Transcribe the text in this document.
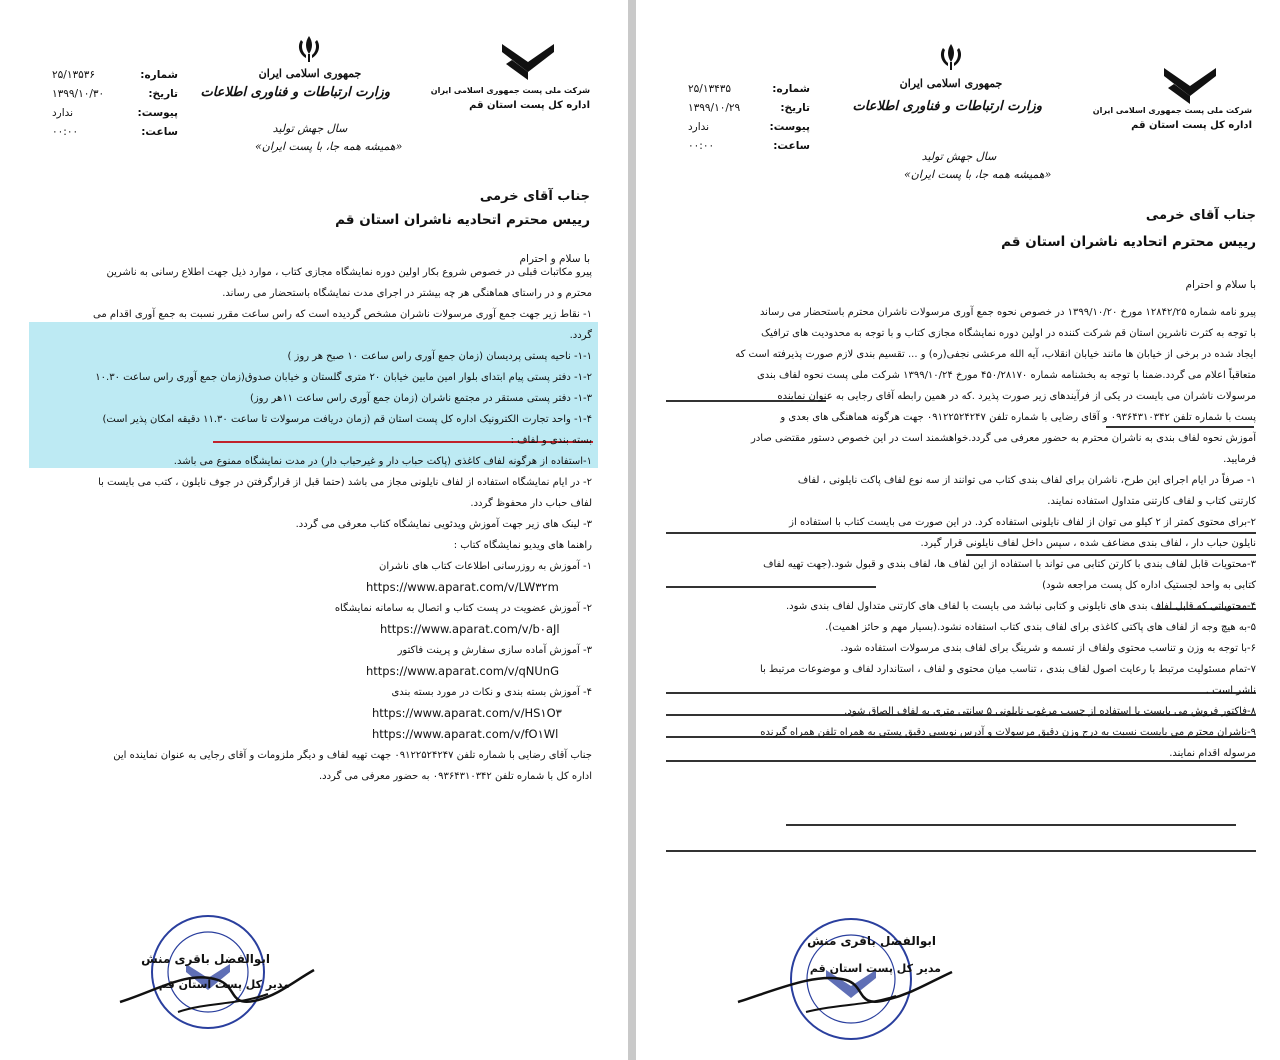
شرکت ملی پست جمهوری اسلامی ایران
اداره کل پست استان قم
جمهوری اسلامی ایران
وزارت ارتباطات و فناوری اطلاعات
سال جهش تولید
«همیشه همه جا، با پست ایران»
شماره:
۲۵/۱۳۵۳۶
تاریخ:
۱۳۹۹/۱۰/۳۰
پیوست:
ندارد
ساعت:
۰۰:۰۰
جناب آقای خرمی
رییس محترم اتحادیه ناشران استان قم
با سلام و احترام
پیرو مکاتبات قبلی در خصوص شروع بکار اولین دوره نمایشگاه مجازی کتاب ، موارد ذیل جهت اطلاع رسانی به ناشرین
محترم و در راستای هماهنگی هر چه بیشتر در اجرای مدت نمایشگاه باستحضار می رساند.
۱- نقاط زیر جهت جمع آوری مرسولات ناشران مشخص گردیده است که راس ساعت مقرر نسبت به جمع آوری اقدام می
گردد.
۱-۱- ناحیه پستی پردیسان (زمان جمع آوری راس ساعت ۱۰ صبح هر روز )
۱-۲- دفتر پستی پیام ابتدای بلوار امین مابین خیابان ۲۰ متری گلستان و خیابان صدوق(زمان جمع آوری راس ساعت ۱۰.۳۰
۱-۳- دفتر پستی مستقر در مجتمع ناشران (زمان جمع آوری راس ساعت ۱۱هر روز)
۱-۴- واحد تجارت الکترونیک اداره کل پست استان قم (زمان دریافت مرسولات تا ساعت ۱۱.۳۰ دقیقه امکان پذیر است)
بسته بندی و لفاف :
۱-استفاده از هرگونه لفاف کاغذی (پاکت حباب دار و غیرحباب دار) در مدت نمایشگاه ممنوع می باشد.
۲- در ایام نمایشگاه استفاده از لفاف نایلونی مجاز می باشد (حتما قبل از قرارگرفتن در جوف نایلون ، کتب می بایست با
لفاف حباب دار محفوظ گردد.
۳- لینک های زیر جهت آموزش ویدئویی نمایشگاه کتاب معرفی می گردد.
راهنما های ویدیو نمایشگاه کتاب :
۱- آموزش به روزرسانی اطلاعات کتاب های ناشران
https://www.aparat.com/v/LW۳۲m
۲- آموزش عضویت در پست کتاب و اتصال به سامانه نمایشگاه
https://www.aparat.com/v/b۰aJl
۳- آموزش آماده سازی سفارش و پرینت فاکتور
https://www.aparat.com/v/qNUnG
۴- آموزش بسته بندی و نکات در مورد بسته بندی
https://www.aparat.com/v/HS۱O۳
https://www.aparat.com/v/fO۱Wl
جناب آقای رضایی با شماره تلفن ۰۹۱۲۲۵۲۴۲۴۷ جهت تهیه لفاف و دیگر ملزومات و آقای رجایی به عنوان نماینده این
اداره کل با شماره تلفن ۰۹۳۶۴۳۱۰۳۴۲ به حضور معرفی می گردد.
ابوالفضل باقری منش
مدیر کل پست استان قم
شرکت ملی پست جمهوری اسلامی ایران
اداره کل پست استان قم
جمهوری اسلامی ایران
وزارت ارتباطات و فناوری اطلاعات
سال جهش تولید
«همیشه همه جا، با پست ایران»
شماره:
۲۵/۱۳۴۳۵
تاریخ:
۱۳۹۹/۱۰/۲۹
پیوست:
ندارد
ساعت:
۰۰:۰۰
جناب آقای خرمی
رییس محترم اتحادیه ناشران استان قم
با سلام و احترام
پیرو نامه شماره ۱۲۸۴۲/۲۵ مورخ ۱۳۹۹/۱۰/۲۰ در خصوص نحوه جمع آوری مرسولات ناشران محترم باستحضار می رساند
با توجه به کثرت ناشرین استان قم شرکت کننده در اولین دوره نمایشگاه مجازی کتاب و با توجه به محدودیت های ترافیک
ایجاد شده در برخی از خیابان ها مانند خیابان انقلاب، آیه الله مرعشی نجفی(ره) و ... تقسیم بندی لازم صورت پذیرفته است که
متعاقباً اعلام می گردد.ضمنا با توجه به بخشنامه شماره ۴۵۰/۲۸۱۷۰ مورخ ۱۳۹۹/۱۰/۲۴ شرکت ملی پست نحوه لفاف بندی
مرسولات ناشران می بایست در یکی از فرآیندهای زیر صورت پذیرد .که در همین رابطه آقای رجایی به عنوان نماینده
پست با شماره تلفن ۰۹۳۶۴۳۱۰۳۴۲ و آقای رضایی با شماره تلفن ۰۹۱۲۲۵۲۴۲۴۷ جهت هرگونه هماهنگی های بعدی و
آموزش نحوه لفاف بندی به ناشران محترم به حضور معرفی می گردد.خواهشمند است در این خصوص دستور مقتضی صادر
فرمایید.
۱- صرفاً در ایام اجرای این طرح، ناشران برای لفاف بندی کتاب می توانند از سه نوع لفاف پاکت نایلونی ، لفاف
کارتنی کتاب و لفاف کارتنی متداول استفاده نمایند.
۲-برای محتوی کمتر از ۲ کیلو می توان از لفاف نایلونی استفاده کرد. در این صورت می بایست کتاب با استفاده از
نایلون حباب دار ، لفاف بندی مضاعف شده ، سپس داخل لفاف نایلونی قرار گیرد.
۳-محتویات قابل لفاف بندی با کارتن کتابی می تواند با استفاده از این لفاف ها، لفاف بندی و قبول شود.(جهت تهیه لفاف
کتابی به واحد لجستیک اداره کل پست مراجعه شود)
۴-محتویاتی که قابل لفاف بندی های نایلونی و کتابی نباشد می بایست با لفاف های کارتنی متداول لفاف بندی شود.
۵-به هیچ وجه از لفاف های پاکتی کاغذی برای لفاف بندی کتاب استفاده نشود.(بسیار مهم و حائز اهمیت).
۶-با توجه به وزن و تناسب محتوی ولفاف از تسمه و شرینگ برای لفاف بندی مرسولات استفاده شود.
۷-تمام مسئولیت مرتبط با رعایت اصول لفاف بندی ، تناسب میان محتوی و لفاف ، استاندارد لفاف و موضوعات مرتبط با
ناشر است .
۸-فاکتور فروش می بایست با استفاده از چسب مرغوب نایلونی ۵ سانتی متری به لفاف الصاق شود.
۹-ناشران محترم می بایست نسبت به درج وزن دقیق مرسولات و آدرس نویسی دقیق پستی به همراه تلفن همراه گیرنده
مرسوله اقدام نمایند.
ابوالفضل باقری منش
مدیر کل پست استان قم
